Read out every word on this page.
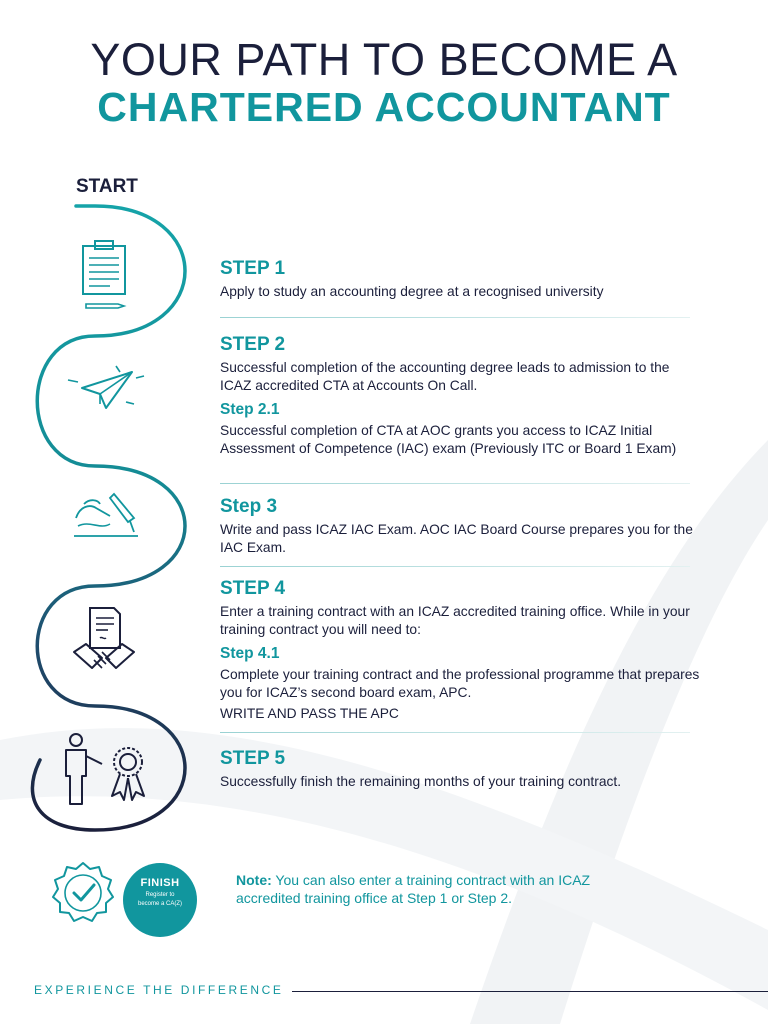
YOUR PATH TO BECOME A
CHARTERED ACCOUNTANT
START
STEP 1

Apply to study an accounting degree at a recognised university

STEP 2

Successful completion of the accounting degree leads to admission to the ICAZ accredited CTA at Accounts On Call.

Step 2.1

Successful completion of CTA at AOC grants you access to ICAZ Initial Assessment of Competence (IAC) exam (Previously ITC or Board 1 Exam)

Step 3

Write and pass ICAZ IAC Exam. AOC IAC Board Course prepares you for the IAC Exam.

STEP 4

Enter a training contract with an ICAZ accredited training office. While in your training contract you will need to:

Step 4.1

Complete your training contract and the professional programme that prepares you for ICAZ’s second board exam, APC.

WRITE AND PASS THE APC

STEP 5

Successfully finish the remaining months of your training contract.

FINISH
Register to
become a CA(Z)
Note: You can also enter a training contract with an ICAZ accredited training office at Step 1 or Step 2.
EXPERIENCE THE DIFFERENCE
